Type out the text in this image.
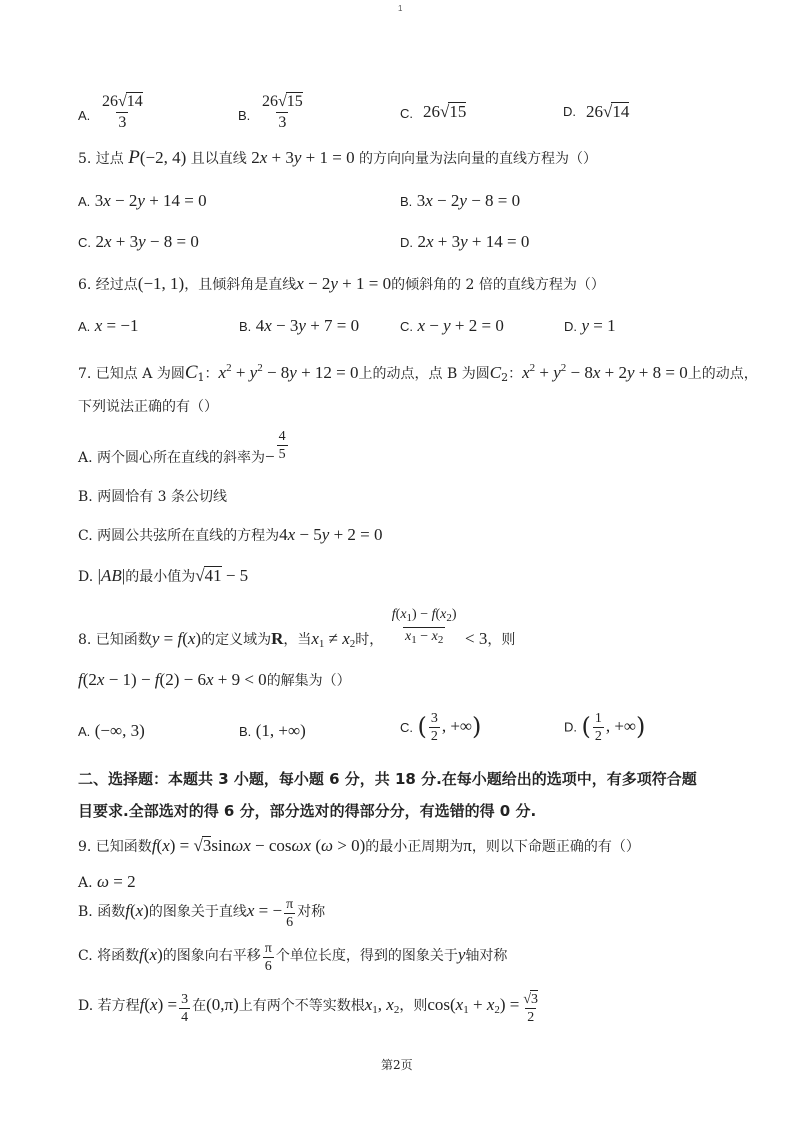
1
A. $\frac{26√14}{3}$	B. $\frac{26√15}{3}$	C. 26√15	D. 26√14
5. 过点 P(−2, 4) 且以直线 2x + 3y + 1 = 0 的方向向量为法向量的直线方程为（）
A. 3x − 2y + 14 = 0	B. 3x − 2y − 8 = 0
C. 2x + 3y − 8 = 0	D. 2x + 3y + 14 = 0
6. 经过点(−1, 1)，且倾斜角是直线x − 2y + 1 = 0的倾斜角的 2 倍的直线方程为（）
A. x = −1	B. 4x − 3y + 7 = 0	C. x − y + 2 = 0	D. y = 1
7. 已知点 A 为圆$C_1$：$x^2 + y^2 - 8y + 12 = 0$上的动点，点 B 为圆$C_2$：$x^2 + y^2 - 8x + 2y + 8 = 0$上的动点，
下列说法正确的有（）
A. 两个圆心所在直线的斜率为− $\frac{4}{5}$
B. 两圆恰有 3 条公切线
C. 两圆公共弦所在直线的方程为4x − 5y + 2 = 0
D. |AB|的最小值为√41 − 5
8. 已知函数y = f(x)的定义域为R，当$x_1 \ne x_2$时， $\frac{f(x_1) - f(x_2)}{x_1 - x_2} < 3$，则
f(2x − 1) − f(2) − 6x + 9 < 0的解集为（）
A. (−∞, 3)	B. (1, +∞)	C. ( $\frac{3}{2}$ , +∞)	D. ( $\frac{1}{2}$ , +∞)
二、选择题：本题共 3 小题，每小题 6 分，共 18 分.在每小题给出的选项中，有多项符合题
目要求.全部选对的得 6 分，部分选对的得部分分，有选错的得 0 分.
9. 已知函数f(x) = √3sinωx − cosωx (ω > 0)的最小正周期为π，则以下命题正确的有（）
A. ω = 2
B. 函数f(x)的图象关于直线x = − $\frac{\pi}{6}$ 对称
C. 将函数f(x)的图象向右平移 $\frac{\pi}{6}$ 个单位长度，得到的图象关于y轴对称
D. 若方程$f(x) = \frac{3}{4}$ 在(0,π)上有两个不等实数根$x_1$, $x_2$，则$\cos(x_1 + x_2) = \frac{√3}{2}$
第2页
